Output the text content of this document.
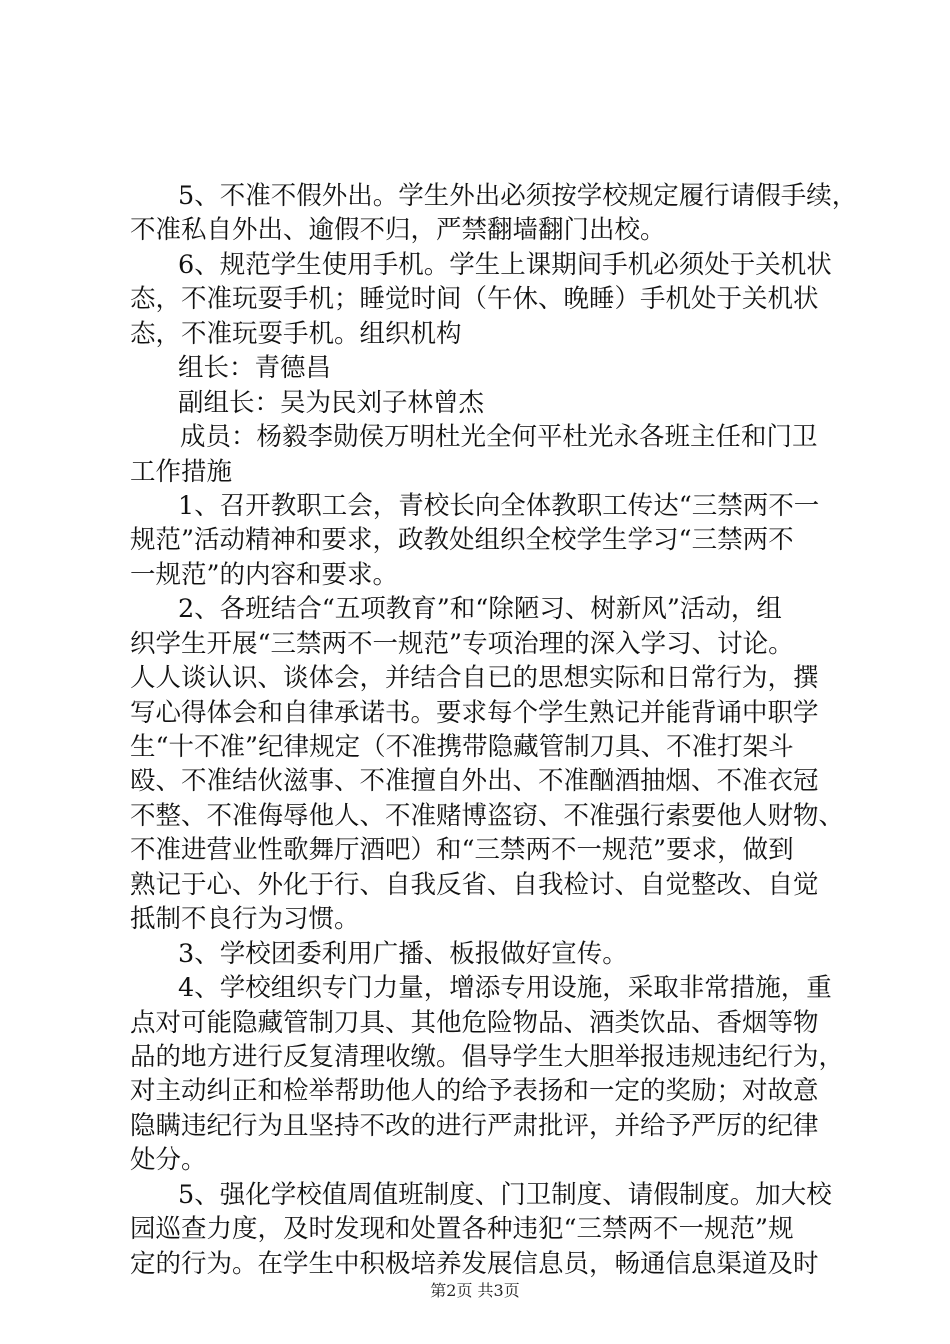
5、不准不假外出。学生外出必须按学校规定履行请假手续，
不准私自外出、逾假不归，严禁翻墙翻门出校。
6、规范学生使用手机。学生上课期间手机必须处于关机状
态，不准玩耍手机；睡觉时间（午休、晚睡）手机处于关机状
态，不准玩耍手机。组织机构
组长：青德昌
副组长：吴为民刘子林曾杰
成员：杨毅李勋侯万明杜光全何平杜光永各班主任和门卫
工作措施
1、召开教职工会，青校长向全体教职工传达“三禁两不一
规范”活动精神和要求，政教处组织全校学生学习“三禁两不
一规范”的内容和要求。
2、各班结合“五项教育”和“除陋习、树新风”活动，组
织学生开展“三禁两不一规范”专项治理的深入学习、讨论。
人人谈认识、谈体会，并结合自已的思想实际和日常行为，撰
写心得体会和自律承诺书。要求每个学生熟记并能背诵中职学
生“十不准”纪律规定（不准携带隐藏管制刀具、不准打架斗
殴、不准结伙滋事、不准擅自外出、不准酗酒抽烟、不准衣冠
不整、不准侮辱他人、不准赌博盗窃、不准强行索要他人财物、
不准进营业性歌舞厅酒吧）和“三禁两不一规范”要求，做到
熟记于心、外化于行、自我反省、自我检讨、自觉整改、自觉
抵制不良行为习惯。
3、学校团委利用广播、板报做好宣传。
4、学校组织专门力量，增添专用设施，采取非常措施，重
点对可能隐藏管制刀具、其他危险物品、酒类饮品、香烟等物
品的地方进行反复清理收缴。倡导学生大胆举报违规违纪行为，
对主动纠正和检举帮助他人的给予表扬和一定的奖励；对故意
隐瞒违纪行为且坚持不改的进行严肃批评，并给予严厉的纪律
处分。
5、强化学校值周值班制度、门卫制度、请假制度。加大校
园巡查力度，及时发现和处置各种违犯“三禁两不一规范”规
定的行为。在学生中积极培养发展信息员，畅通信息渠道及时
第2页 共3页
